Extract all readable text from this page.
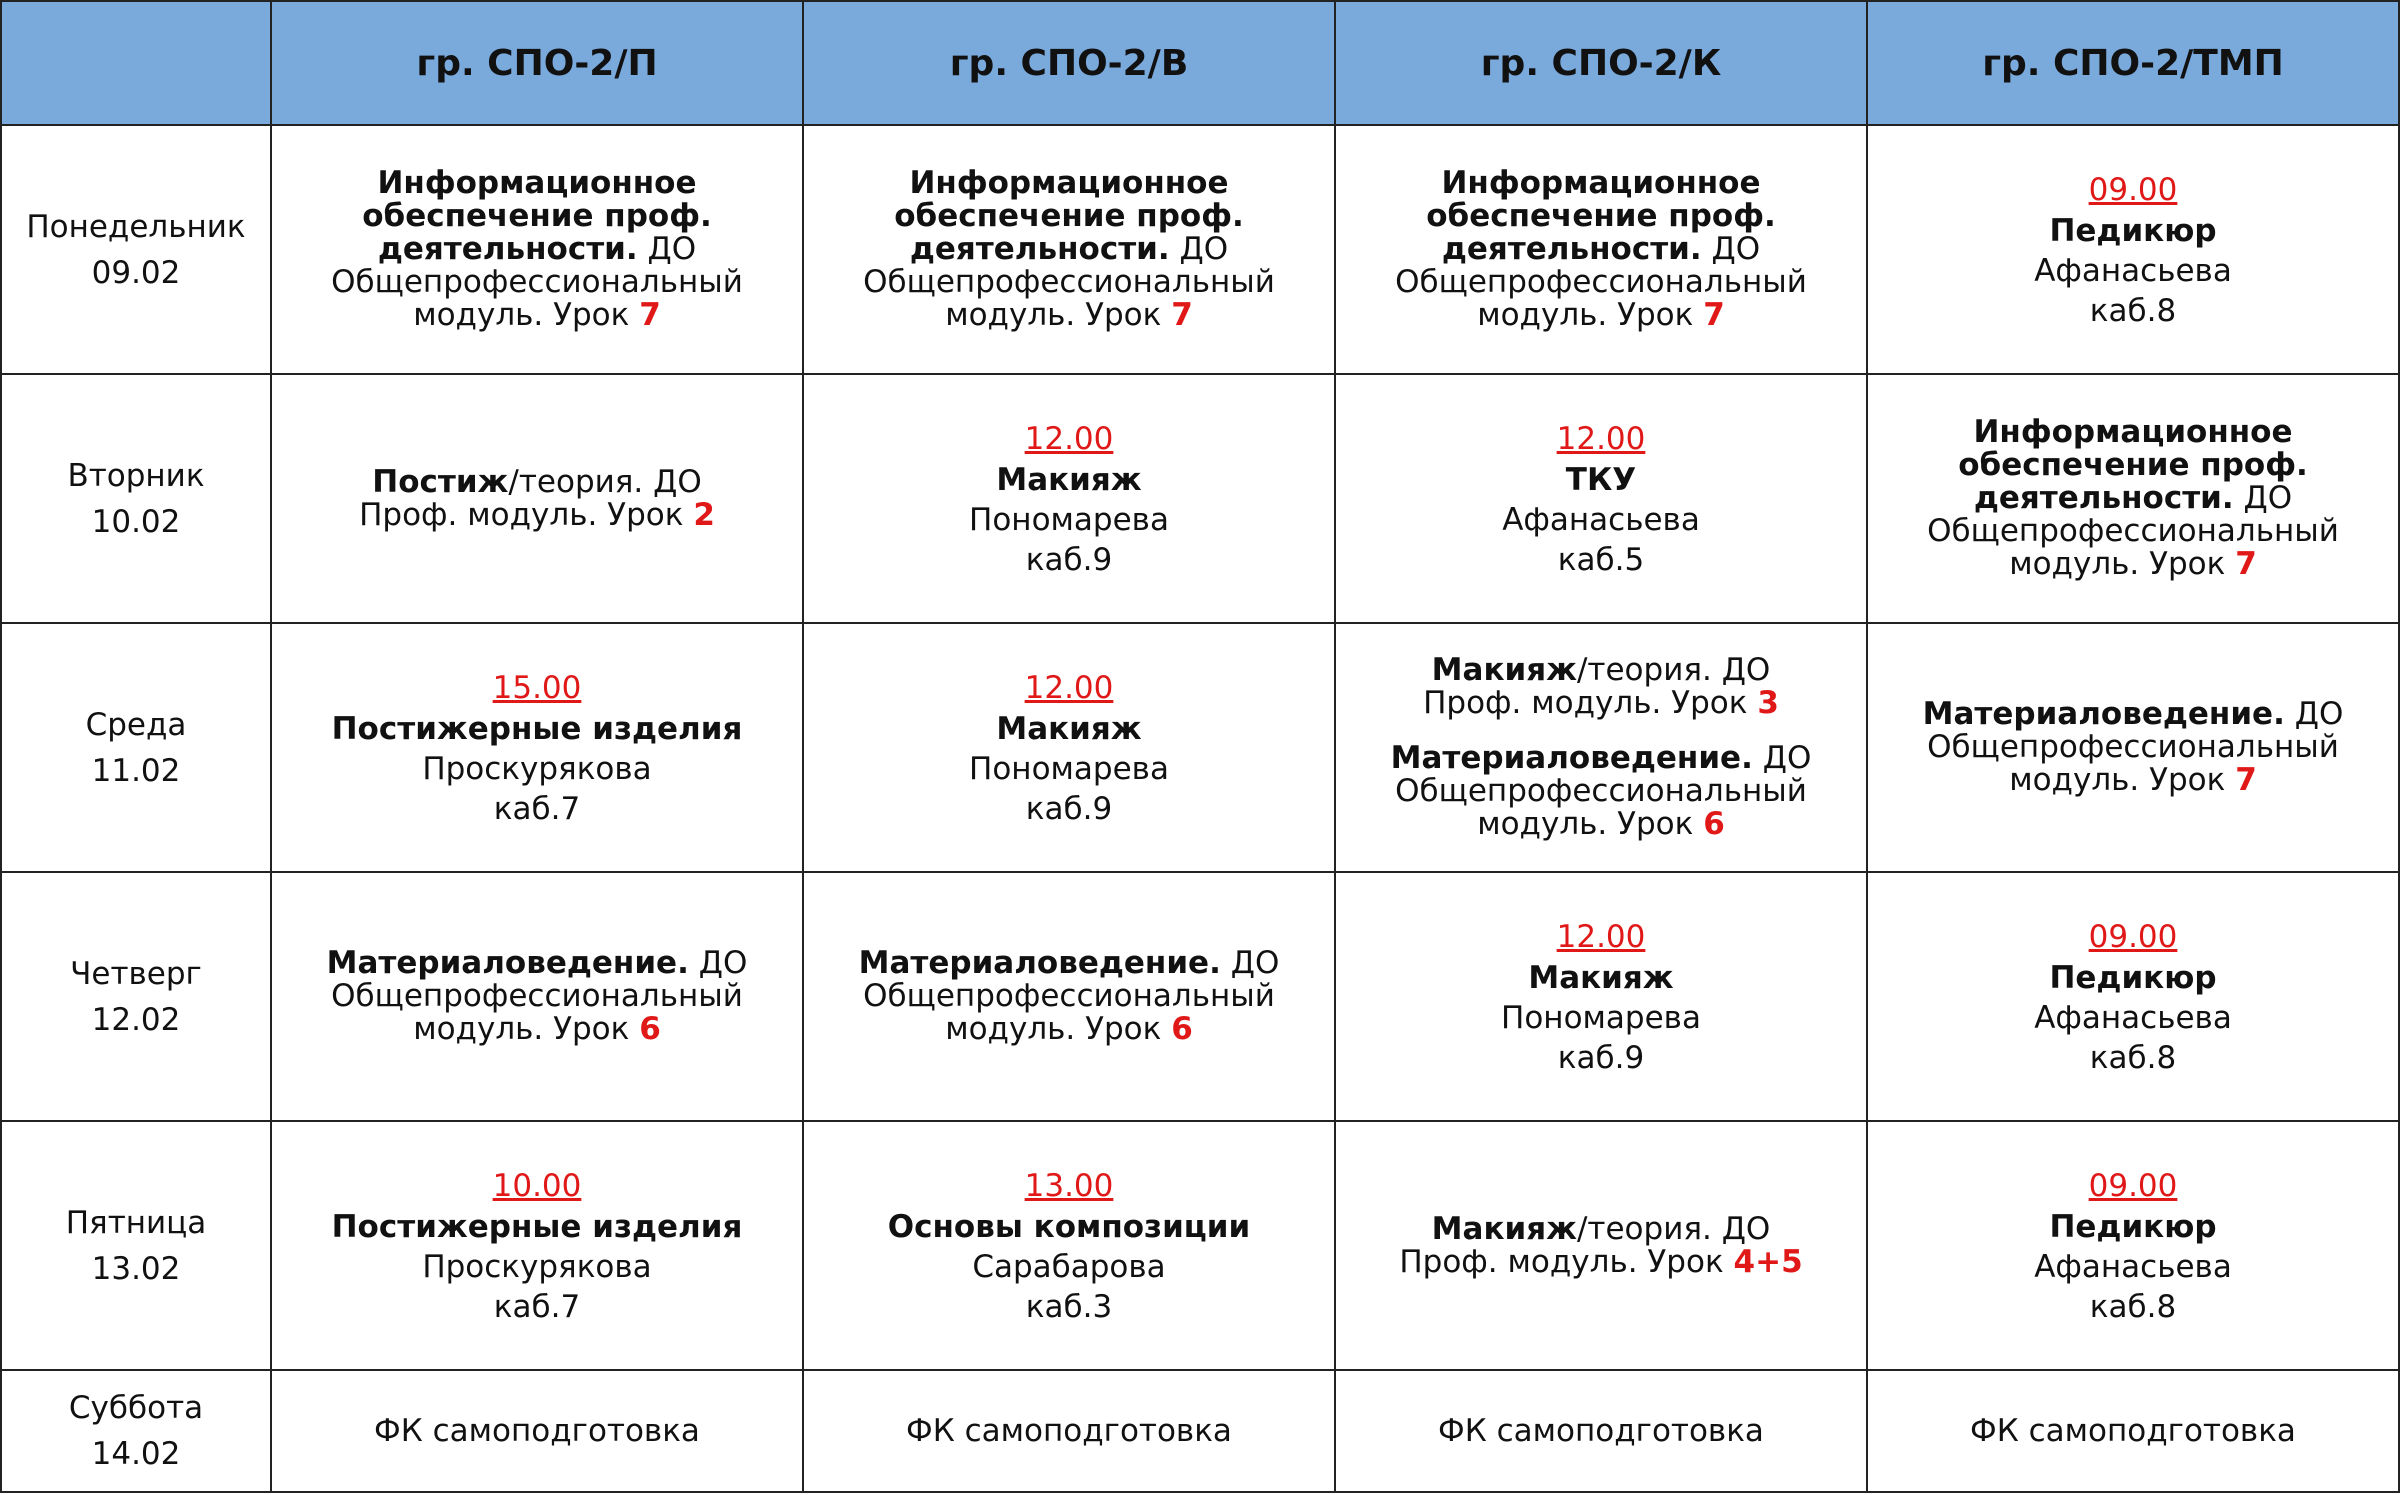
	гр. СПО-2/П	гр. СПО-2/В	гр. СПО-2/К	гр. СПО-2/ТМП

Понедельник
09.02	Информационное
обеспечение проф.
деятельности. ДО
Общепрофессиональный
модуль. Урок 7	Информационное
обеспечение проф.
деятельности. ДО
Общепрофессиональный
модуль. Урок 7	Информационное
обеспечение проф.
деятельности. ДО
Общепрофессиональный
модуль. Урок 7	09.00
Педикюр
Афанасьева
каб.8

Вторник
10.02	Постиж/теория. ДО
Проф. модуль. Урок 2	12.00
Макияж
Пономарева
каб.9	12.00
ТКУ
Афанасьева
каб.5	Информационное
обеспечение проф.
деятельности. ДО
Общепрофессиональный
модуль. Урок 7

Среда
11.02	15.00
Постижерные изделия
Проскурякова
каб.7	12.00
Макияж
Пономарева
каб.9	Макияж/теория. ДО
Проф. модуль. Урок 3
Материаловедение. ДО
Общепрофессиональный
модуль. Урок 6	Материаловедение. ДО
Общепрофессиональный
модуль. Урок 7

Четверг
12.02	Материаловедение. ДО
Общепрофессиональный
модуль. Урок 6	Материаловедение. ДО
Общепрофессиональный
модуль. Урок 6	12.00
Макияж
Пономарева
каб.9	09.00
Педикюр
Афанасьева
каб.8

Пятница
13.02	10.00
Постижерные изделия
Проскурякова
каб.7	13.00
Основы композиции
Сарабарова
каб.3	Макияж/теория. ДО
Проф. модуль. Урок 4+5	09.00
Педикюр
Афанасьева
каб.8

Суббота
14.02	ФК самоподготовка	ФК самоподготовка	ФК самоподготовка	ФК самоподготовка
